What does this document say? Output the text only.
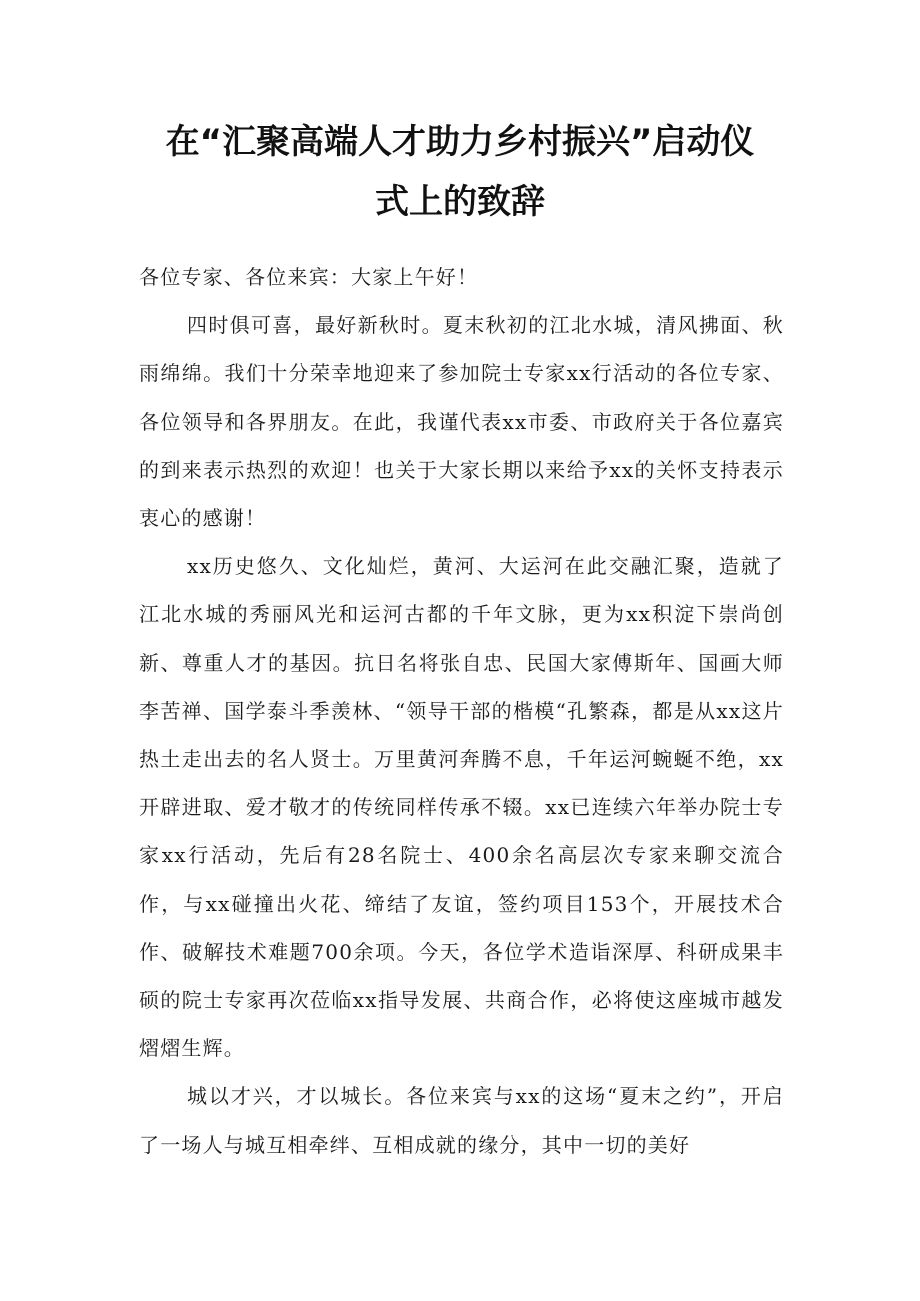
在“汇聚高端人才助力乡村振兴”启动仪
式上的致辞

各位专家、各位来宾：大家上午好！

四时俱可喜，最好新秋时。夏末秋初的江北水城，清风拂面、秋雨绵绵。我们十分荣幸地迎来了参加院士专家xx行活动的各位专家、各位领导和各界朋友。在此，我谨代表xx市委、市政府关于各位嘉宾的到来表示热烈的欢迎！也关于大家长期以来给予xx的关怀支持表示衷心的感谢！

xx历史悠久、文化灿烂，黄河、大运河在此交融汇聚，造就了江北水城的秀丽风光和运河古都的千年文脉，更为xx积淀下崇尚创新、尊重人才的基因。抗日名将张自忠、民国大家傅斯年、国画大师李苦禅、国学泰斗季羡林、“领导干部的楷模“孔繁森，都是从xx这片热土走出去的名人贤士。万里黄河奔腾不息，千年运河蜿蜒不绝，xx开辟进取、爱才敬才的传统同样传承不辍。xx已连续六年举办院士专家xx行活动，先后有28名院士、400余名高层次专家来聊交流合作，与xx碰撞出火花、缔结了友谊，签约项目153个，开展技术合作、破解技术难题700余项。今天，各位学术造诣深厚、科研成果丰硕的院士专家再次莅临xx指导发展、共商合作，必将使这座城市越发熠熠生辉。

城以才兴，才以城长。各位来宾与xx的这场“夏末之约”，开启了一场人与城互相牵绊、互相成就的缘分，其中一切的美好
